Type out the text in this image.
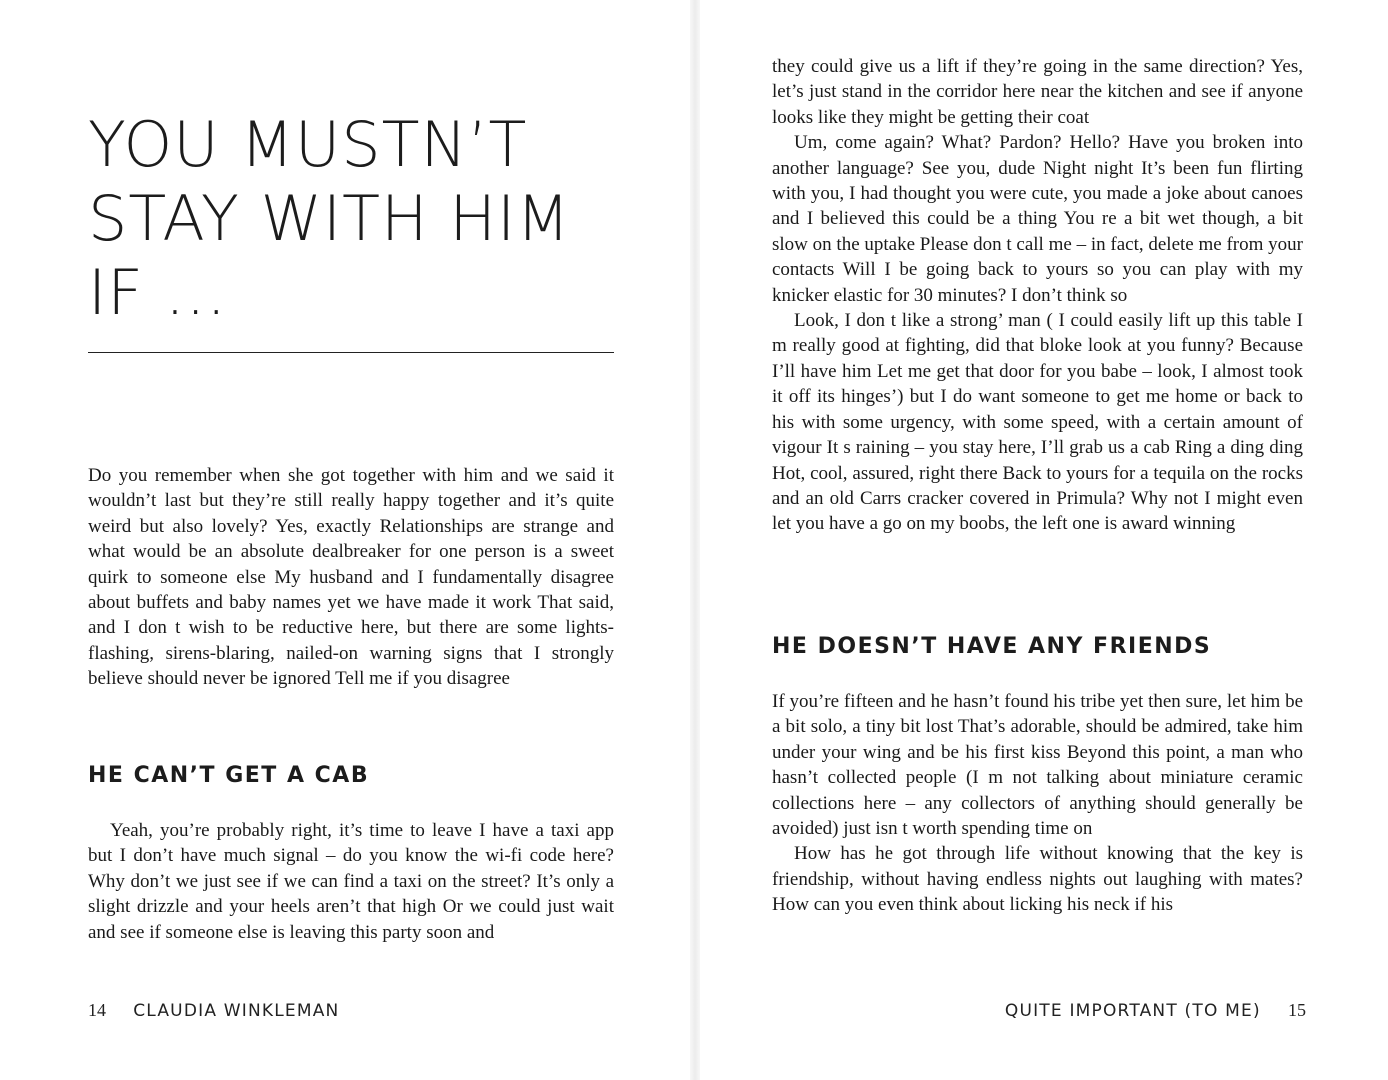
YOU MUSTN’T STAY WITH HIM IF …

Do you remember when she got together with him and we said it wouldn’t last but they’re still really happy together and it’s quite weird but also lovely? Yes, exactly Relationships are strange and what would be an absolute dealbreaker for one person is a sweet quirk to someone else My husband and I fundamentally disagree about buffets and baby names yet we have made it work That said, and I don t wish to be reductive here, but there are some lights-flashing, sirens-blaring, nailed-on warning signs that I strongly believe should never be ignored Tell me if you disagree

HE CAN’T GET A CAB

Yeah, you’re probably right, it’s time to leave I have a taxi app but I don’t have much signal – do you know the wi-fi code here? Why don’t we just see if we can find a taxi on the street? It’s only a slight drizzle and your heels aren’t that high Or we could just wait and see if someone else is leaving this party soon and

14 CLAUDIA WINKLEMAN

they could give us a lift if they’re going in the same direction? Yes, let’s just stand in the corridor here near the kitchen and see if anyone looks like they might be getting their coat

Um, come again? What? Pardon? Hello? Have you broken into another language? See you, dude Night night It’s been fun flirting with you, I had thought you were cute, you made a joke about canoes and I believed this could be a thing You re a bit wet though, a bit slow on the uptake Please don t call me – in fact, delete me from your contacts Will I be going back to yours so you can play with my knicker elastic for 30 minutes? I don’t think so

Look, I don t like a strong’ man ( I could easily lift up this table I m really good at fighting, did that bloke look at you funny? Because I’ll have him Let me get that door for you babe – look, I almost took it off its hinges’) but I do want someone to get me home or back to his with some urgency, with some speed, with a certain amount of vigour It s raining – you stay here, I’ll grab us a cab Ring a ding ding Hot, cool, assured, right there Back to yours for a tequila on the rocks and an old Carrs cracker covered in Primula? Why not I might even let you have a go on my boobs, the left one is award winning

HE DOESN’T HAVE ANY FRIENDS

If you’re fifteen and he hasn’t found his tribe yet then sure, let him be a bit solo, a tiny bit lost That’s adorable, should be admired, take him under your wing and be his first kiss Beyond this point, a man who hasn’t collected people (I m not talking about miniature ceramic collections here – any collectors of anything should generally be avoided) just isn t worth spending time on

How has he got through life without knowing that the key is friendship, without having endless nights out laughing with mates? How can you even think about licking his neck if his

QUITE IMPORTANT (TO ME) 15
